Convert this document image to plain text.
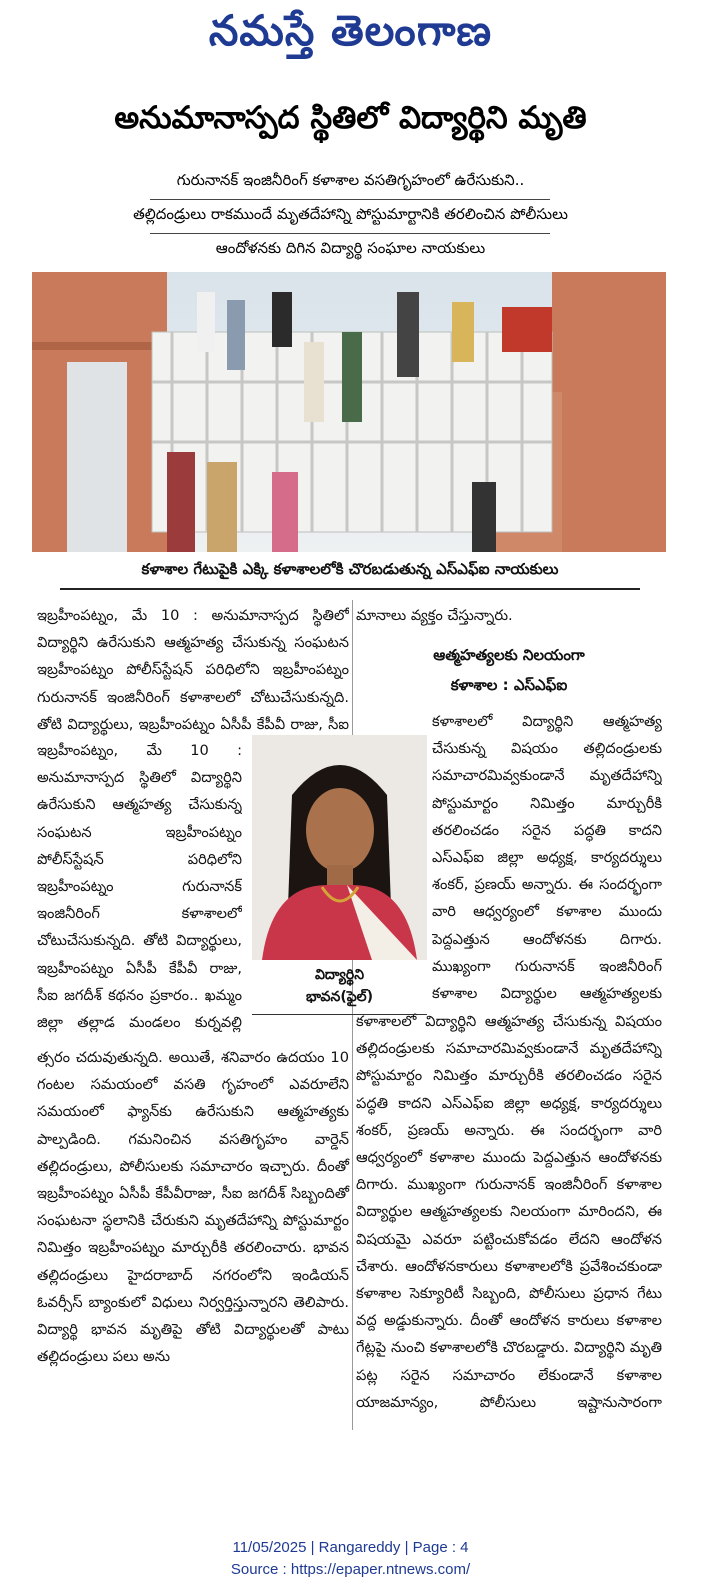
నమస్తే తెలంగాణ
అనుమానాస్పద స్థితిలో విద్యార్థిని మృతి
గురునానక్ ఇంజినీరింగ్ కళాశాల వసతిగృహంలో ఉరేసుకుని..
తల్లిదండ్రులు రాకముందే మృతదేహాన్ని పోస్టుమార్టానికి తరలించిన పోలీసులు
ఆందోళనకు దిగిన విద్యార్థి సంఘాల నాయకులు
కళాశాల గేటుపైకి ఎక్కి కళాశాలలోకి చొరబడుతున్న ఎస్ఎఫ్ఐ నాయకులు
ఇబ్రహీంపట్నం, మే 10 : అనుమానాస్పద స్థితిలో విద్యార్థిని ఉరేసుకుని ఆత్మహత్య చేసుకున్న సంఘటన ఇబ్రహీంపట్నం పోలీస్‌స్టేషన్ పరిధిలోని ఇబ్రహీంపట్నం గురునానక్ ఇంజినీరింగ్ కళాశాలలో చోటుచేసుకున్నది. తోటి విద్యార్థులు, ఇబ్రహీంపట్నం ఏసీపీ కేపీవీ రాజు, సీఐ
ఇబ్రహీంపట్నం, మే 10 : అనుమానాస్పద స్థితిలో విద్యార్థిని ఉరేసుకుని ఆత్మహత్య చేసుకున్న సంఘటన ఇబ్రహీంపట్నం పోలీస్‌స్టేషన్ పరిధిలోని ఇబ్రహీంపట్నం గురునానక్ ఇంజినీరింగ్ కళాశాలలో చోటుచేసుకున్నది. తోటి విద్యార్థులు, ఇబ్రహీంపట్నం ఏసీపీ కేపీవీ రాజు, సీఐ జగదీశ్ కథనం ప్రకారం.. ఖమ్మం జిల్లా తల్లాడ మండలం కుర్నవల్లి
త్సరం చదువుతున్నది. అయితే, శనివారం ఉదయం 10 గంటల సమయంలో వసతి గృహంలో ఎవరూలేని సమయంలో ఫ్యాన్‌కు ఉరేసుకుని ఆత్మహత్యకు పాల్పడింది. గమనించిన వసతిగృహం వార్డెన్ తల్లిదండ్రులు, పోలీసులకు సమాచారం ఇచ్చారు. దీంతో ఇబ్రహీంపట్నం ఏసీపీ కేపీవీరాజు, సీఐ జగదీశ్ సిబ్బందితో సంఘటనా స్థలానికి చేరుకుని మృతదేహాన్ని పోస్టుమార్టం నిమిత్తం ఇబ్రహీంపట్నం మార్చురీకి తరలించారు. భావన తల్లిదండ్రులు హైదరాబాద్ నగరంలోని ఇండియన్ ఓవర్సీస్ బ్యాంకులో విధులు నిర్వర్తిస్తున్నారని తెలిపారు. విద్యార్థి భావన మృతిపై తోటి విద్యార్థులతో పాటు తల్లిదండ్రులు పలు అను
మానాలు వ్యక్తం చేస్తున్నారు.
ఆత్మహత్యలకు నిలయంగా
కళాశాల : ఎస్ఎఫ్ఐ
కళాశాలలో విద్యార్థిని ఆత్మహత్య చేసుకున్న విషయం తల్లిదండ్రులకు సమాచారమివ్వకుండానే మృతదేహాన్ని పోస్టుమార్టం నిమిత్తం మార్చురీకి తరలించడం సరైన పద్ధతి కాదని ఎస్ఎఫ్ఐ జిల్లా అధ్యక్ష, కార్యదర్శులు శంకర్, ప్రణయ్ అన్నారు. ఈ సందర్భంగా వారి ఆధ్వర్యంలో కళాశాల ముందు పెద్దఎత్తున ఆందోళనకు దిగారు. ముఖ్యంగా గురునానక్ ఇంజినీరింగ్ కళాశాల విద్యార్థుల ఆత్మహత్యలకు
కళాశాలలో విద్యార్థిని ఆత్మహత్య చేసుకున్న విషయం తల్లిదండ్రులకు సమాచారమివ్వకుండానే మృతదేహాన్ని పోస్టుమార్టం నిమిత్తం మార్చురీకి తరలించడం సరైన పద్ధతి కాదని ఎస్ఎఫ్ఐ జిల్లా అధ్యక్ష, కార్యదర్శులు శంకర్, ప్రణయ్ అన్నారు. ఈ సందర్భంగా వారి ఆధ్వర్యంలో కళాశాల ముందు పెద్దఎత్తున ఆందోళనకు దిగారు. ముఖ్యంగా గురునానక్ ఇంజినీరింగ్ కళాశాల విద్యార్థుల ఆత్మహత్యలకు నిలయంగా మారిందని, ఈ విషయమై ఎవరూ పట్టించుకోవడం లేదని ఆందోళన చేశారు. ఆందోళనకారులు కళాశాలలోకి ప్రవేశించకుండా కళాశాల సెక్యూరిటీ సిబ్బంది, పోలీసులు ప్రధాన గేటు వద్ద అడ్డుకున్నారు. దీంతో ఆందోళన కారులు కళాశాల గేట్లపై నుంచి కళాశాలలోకి చొరబడ్డారు. విద్యార్థిని మృతి పట్ల సరైన సమాచారం లేకుండానే కళాశాల యాజమాన్యం, పోలీసులు ఇష్టానుసారంగా
విద్యార్థిని
భావన(ఫైల్)
11/05/2025 | Rangareddy | Page : 4
Source : https://epaper.ntnews.com/
